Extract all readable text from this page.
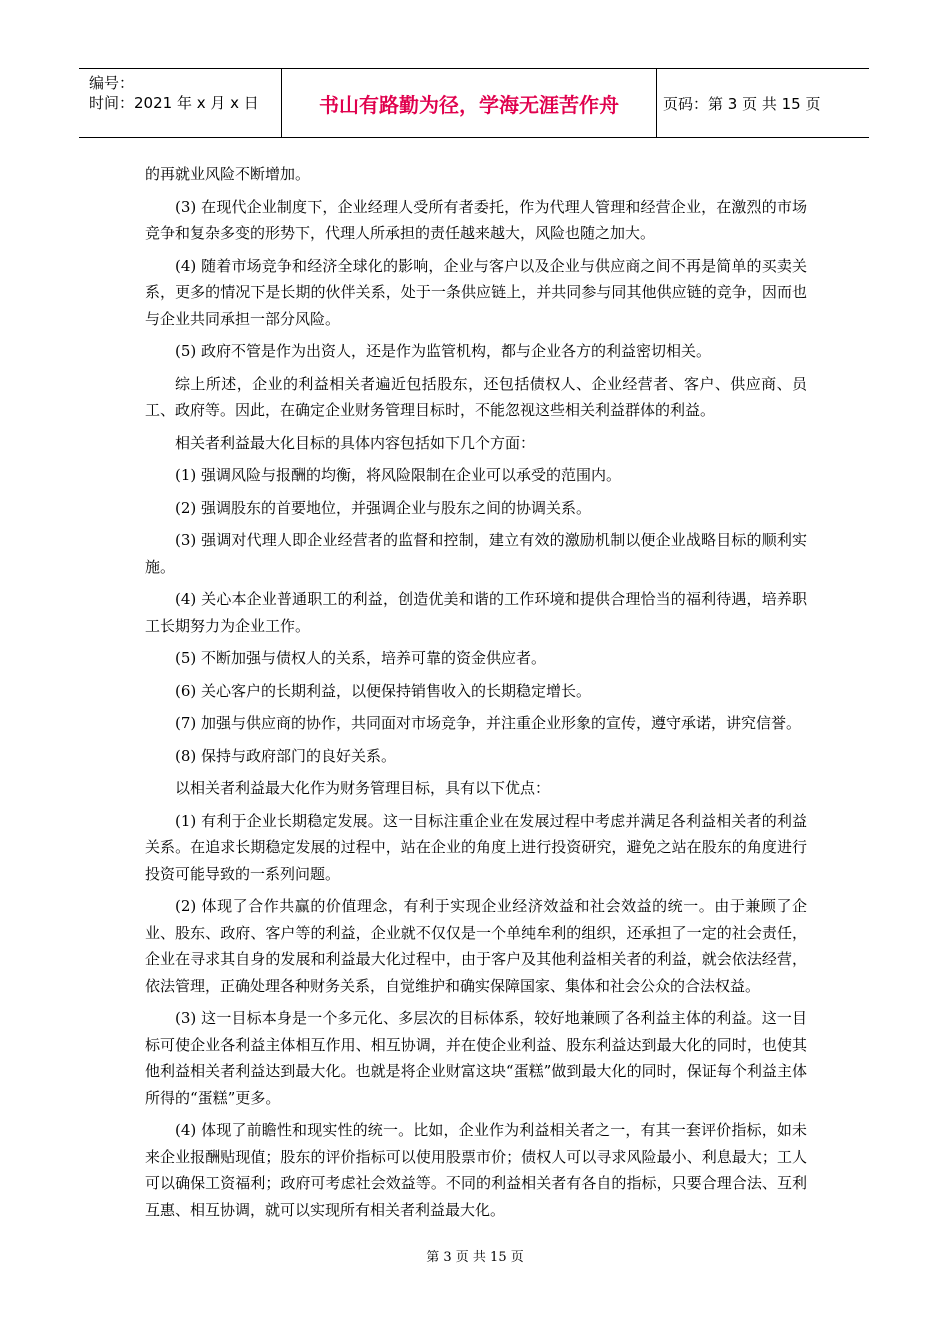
编号：
时间：2021 年 x 月 x 日	书山有路勤为径，学海无涯苦作舟	页码：第 3 页 共 15 页

的再就业风险不断增加。

(3) 在现代企业制度下，企业经理人受所有者委托，作为代理人管理和经营企业，在激烈的市场竞争和复杂多变的形势下，代理人所承担的责任越来越大，风险也随之加大。

(4) 随着市场竞争和经济全球化的影响，企业与客户以及企业与供应商之间不再是简单的买卖关系，更多的情况下是长期的伙伴关系，处于一条供应链上，并共同参与同其他供应链的竞争，因而也与企业共同承担一部分风险。

(5) 政府不管是作为出资人，还是作为监管机构，都与企业各方的利益密切相关。

综上所述，企业的利益相关者遍近包括股东，还包括债权人、企业经营者、客户、供应商、员工、政府等。因此，在确定企业财务管理目标时，不能忽视这些相关利益群体的利益。

相关者利益最大化目标的具体内容包括如下几个方面：

(1) 强调风险与报酬的均衡，将风险限制在企业可以承受的范围内。

(2) 强调股东的首要地位，并强调企业与股东之间的协调关系。

(3) 强调对代理人即企业经营者的监督和控制，建立有效的激励机制以便企业战略目标的顺利实施。

(4) 关心本企业普通职工的利益，创造优美和谐的工作环境和提供合理恰当的福利待遇，培养职工长期努力为企业工作。

(5) 不断加强与债权人的关系，培养可靠的资金供应者。

(6) 关心客户的长期利益，以便保持销售收入的长期稳定增长。

(7) 加强与供应商的协作，共同面对市场竞争，并注重企业形象的宣传，遵守承诺，讲究信誉。

(8) 保持与政府部门的良好关系。

以相关者利益最大化作为财务管理目标，具有以下优点：

(1) 有利于企业长期稳定发展。这一目标注重企业在发展过程中考虑并满足各利益相关者的利益关系。在追求长期稳定发展的过程中，站在企业的角度上进行投资研究，避免之站在股东的角度进行投资可能导致的一系列问题。

(2) 体现了合作共赢的价值理念，有利于实现企业经济效益和社会效益的统一。由于兼顾了企业、股东、政府、客户等的利益，企业就不仅仅是一个单纯牟利的组织，还承担了一定的社会责任，企业在寻求其自身的发展和利益最大化过程中，由于客户及其他利益相关者的利益，就会依法经营，依法管理，正确处理各种财务关系，自觉维护和确实保障国家、集体和社会公众的合法权益。

(3) 这一目标本身是一个多元化、多层次的目标体系，较好地兼顾了各利益主体的利益。这一目标可使企业各利益主体相互作用、相互协调，并在使企业利益、股东利益达到最大化的同时，也使其他利益相关者利益达到最大化。也就是将企业财富这块“蛋糕”做到最大化的同时，保证每个利益主体所得的“蛋糕”更多。

(4) 体现了前瞻性和现实性的统一。比如，企业作为利益相关者之一，有其一套评价指标，如未来企业报酬贴现值；股东的评价指标可以使用股票市价；债权人可以寻求风险最小、利息最大；工人可以确保工资福利；政府可考虑社会效益等。不同的利益相关者有各自的指标，只要合理合法、互利互惠、相互协调，就可以实现所有相关者利益最大化。

第 3 页 共 15 页
